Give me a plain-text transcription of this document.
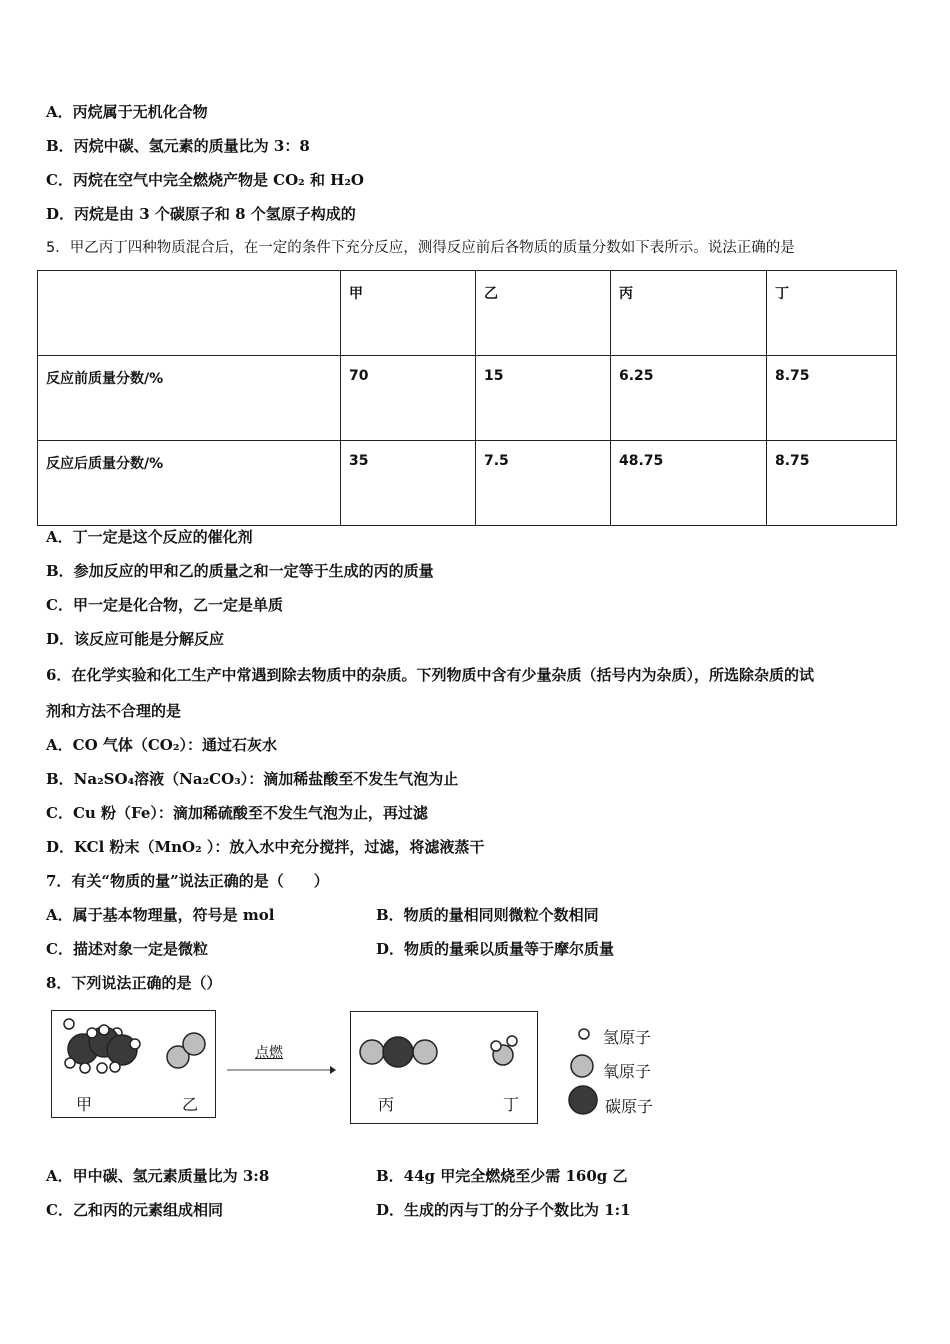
A．丙烷属于无机化合物
B．丙烷中碳、氢元素的质量比为 3：8
C．丙烷在空气中完全燃烧产物是 CO₂ 和 H₂O
D．丙烷是由 3 个碳原子和 8 个氢原子构成的
5．甲乙丙丁四种物质混合后，在一定的条件下充分反应，测得反应前后各物质的质量分数如下表所示。说法正确的是
	甲	乙	丙	丁
反应前质量分数/%	70	15	6.25	8.75
反应后质量分数/%	35	7.5	48.75	8.75
A．丁一定是这个反应的催化剂
B．参加反应的甲和乙的质量之和一定等于生成的丙的质量
C．甲一定是化合物，乙一定是单质
D．该反应可能是分解反应
6．在化学实验和化工生产中常遇到除去物质中的杂质。下列物质中含有少量杂质（括号内为杂质），所选除杂质的试
剂和方法不合理的是
A．CO 气体（CO₂）：通过石灰水
B．Na₂SO₄溶液（Na₂CO₃）：滴加稀盐酸至不发生气泡为止
C．Cu 粉（Fe）：滴加稀硫酸至不发生气泡为止，再过滤
D．KCl 粉末（MnO₂ ）：放入水中充分搅拌，过滤，将滤液蒸干
7．有关“物质的量”说法正确的是（　　）
A．属于基本物理量，符号是 mol	B．物质的量相同则微粒个数相同
C．描述对象一定是微粒	D．物质的量乘以质量等于摩尔质量
8．下列说法正确的是（）
甲	乙
点燃
丙	丁
氢原子
氧原子
碳原子
A．甲中碳、氢元素质量比为 3:8	B．44g 甲完全燃烧至少需 160g 乙
C．乙和丙的元素组成相同	D．生成的丙与丁的分子个数比为 1:1
